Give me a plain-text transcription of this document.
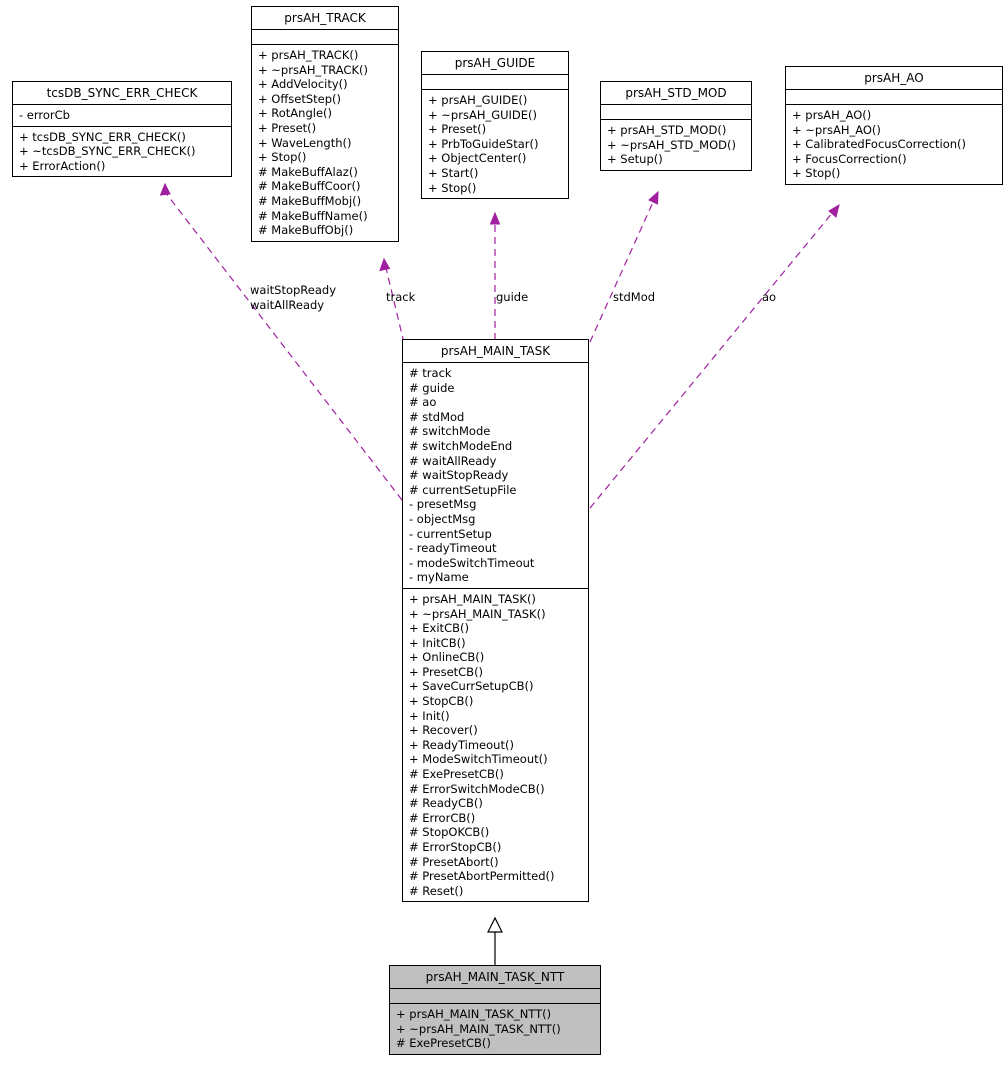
tcsDB_SYNC_ERR_CHECK
- errorCb
+ tcsDB_SYNC_ERR_CHECK()
+ ~tcsDB_SYNC_ERR_CHECK()
+ ErrorAction()
prsAH_TRACK
+ prsAH_TRACK()
+ ~prsAH_TRACK()
+ AddVelocity()
+ OffsetStep()
+ RotAngle()
+ Preset()
+ WaveLength()
+ Stop()
# MakeBuffAlaz()
# MakeBuffCoor()
# MakeBuffMobj()
# MakeBuffName()
# MakeBuffObj()
prsAH_GUIDE
+ prsAH_GUIDE()
+ ~prsAH_GUIDE()
+ Preset()
+ PrbToGuideStar()
+ ObjectCenter()
+ Start()
+ Stop()
prsAH_STD_MOD
+ prsAH_STD_MOD()
+ ~prsAH_STD_MOD()
+ Setup()
prsAH_AO
+ prsAH_AO()
+ ~prsAH_AO()
+ CalibratedFocusCorrection()
+ FocusCorrection()
+ Stop()
prsAH_MAIN_TASK
# track
# guide
# ao
# stdMod
# switchMode
# switchModeEnd
# waitAllReady
# waitStopReady
# currentSetupFile
- presetMsg
- objectMsg
- currentSetup
- readyTimeout
- modeSwitchTimeout
- myName
+ prsAH_MAIN_TASK()
+ ~prsAH_MAIN_TASK()
+ ExitCB()
+ InitCB()
+ OnlineCB()
+ PresetCB()
+ SaveCurrSetupCB()
+ StopCB()
+ Init()
+ Recover()
+ ReadyTimeout()
+ ModeSwitchTimeout()
# ExePresetCB()
# ErrorSwitchModeCB()
# ReadyCB()
# ErrorCB()
# StopOKCB()
# ErrorStopCB()
# PresetAbort()
# PresetAbortPermitted()
# Reset()
prsAH_MAIN_TASK_NTT
+ prsAH_MAIN_TASK_NTT()
+ ~prsAH_MAIN_TASK_NTT()
# ExePresetCB()
waitStopReady
waitAllReady
track	guide	stdMod	ao
